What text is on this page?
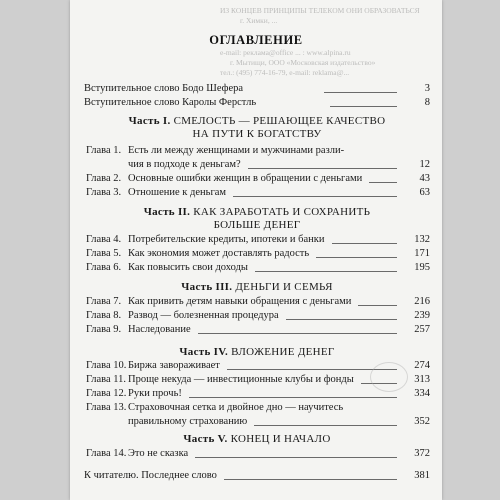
ИЗ КОНЦЕВ ПРИНЦИПЫ ТЕЛЕКОМ ОНИ ОБРАЗОВАТЬСЯ
г. Химки, ...
e-mail: реклама@office ... : www.alpina.ru
г. Мытищи, ООО «Московская издательство»
тел.: (495) 774-16-79, e-mail: reklama@...
ОГЛАВЛЕНИЕ
Вступительное слово Бодо Шефера	3
Вступительное слово Каролы Ферстль	8
Часть I. СМЕЛОСТЬ — РЕШАЮЩЕЕ КАЧЕСТВО
НА ПУТИ К БОГАТСТВУ
Глава 1. Есть ли между женщинами и мужчинами разли-
чия в подходе к деньгам?	12
Глава 2. Основные ошибки женщин в обращении с деньгами	43
Глава 3. Отношение к деньгам	63
Часть II. КАК ЗАРАБОТАТЬ И СОХРАНИТЬ
БОЛЬШЕ ДЕНЕГ
Глава 4. Потребительские кредиты, ипотеки и банки	132
Глава 5. Как экономия может доставлять радость	171
Глава 6. Как повысить свои доходы	195
Часть III. ДЕНЬГИ И СЕМЬЯ
Глава 7. Как привить детям навыки обращения с деньгами	216
Глава 8. Развод — болезненная процедура	239
Глава 9. Наследование	257
Часть IV. ВЛОЖЕНИЕ ДЕНЕГ
Глава 10. Биржа завораживает	274
Глава 11. Проще некуда — инвестиционные клубы и фонды	313
Глава 12. Руки прочь!	334
Глава 13. Страховочная сетка и двойное дно — научитесь
правильному страхованию	352
Часть V. КОНЕЦ И НАЧАЛО
Глава 14. Это не сказка	372
К читателю. Последнее слово	381
